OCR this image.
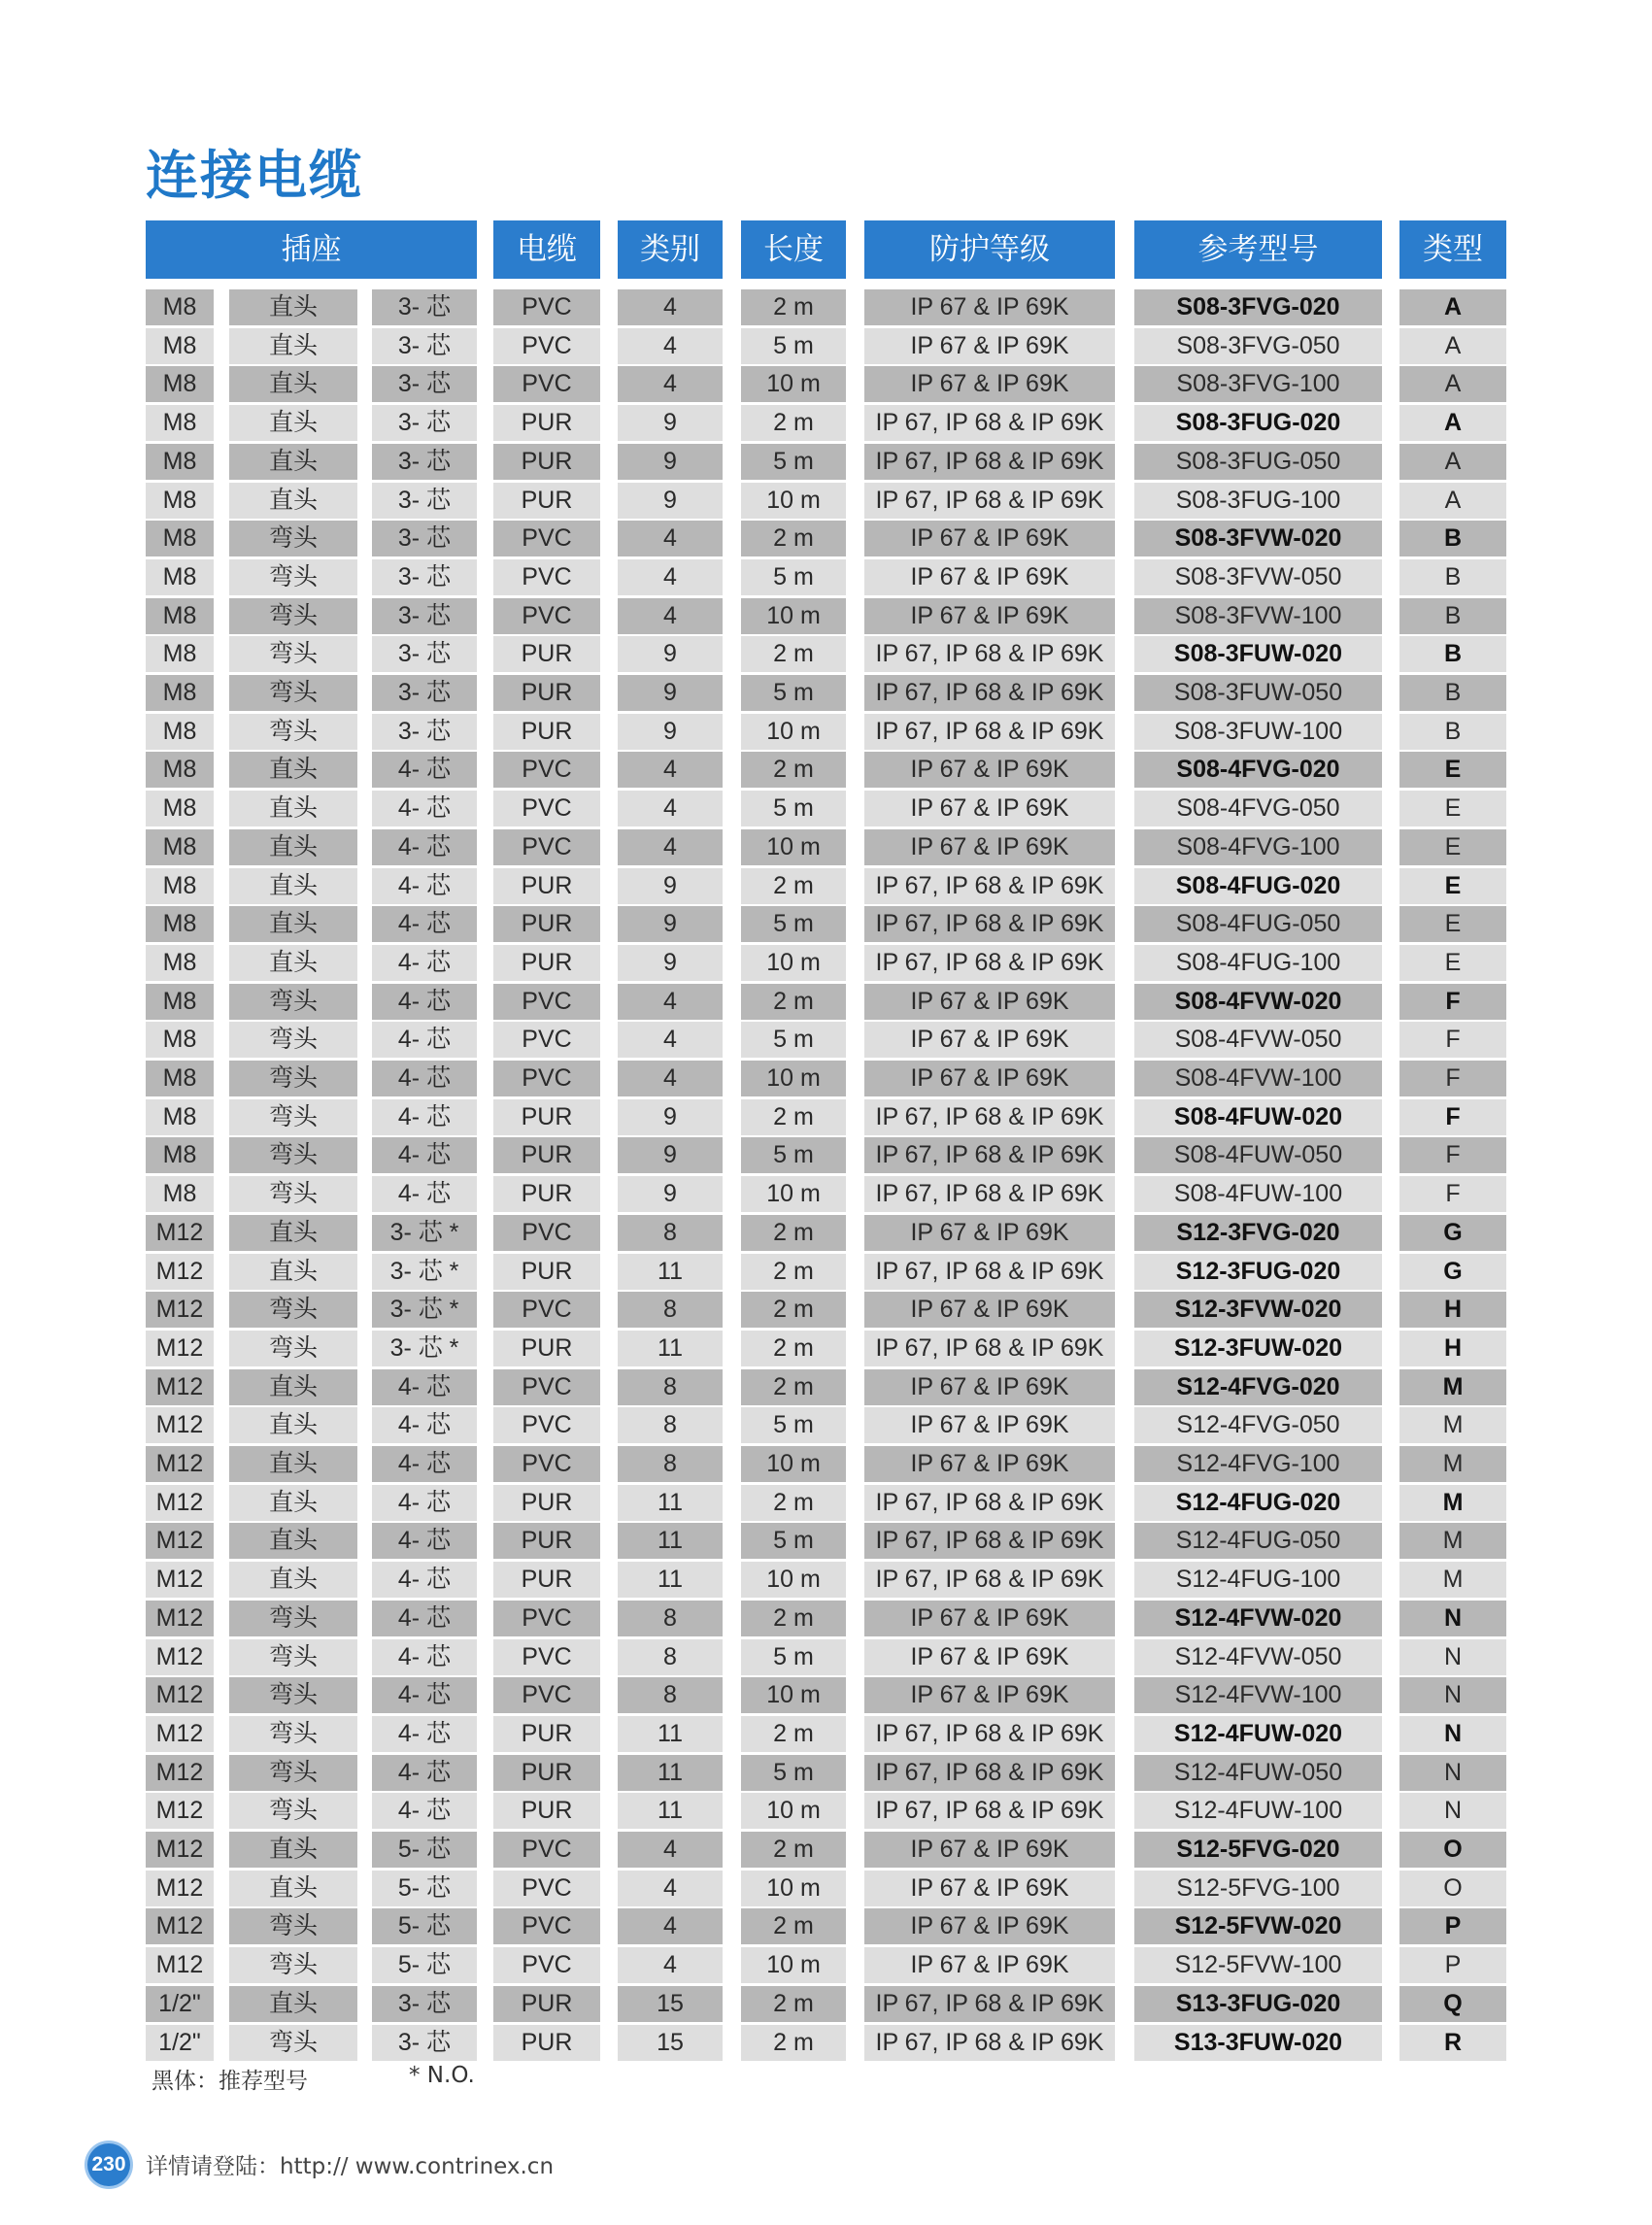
连接电缆
插座	电缆	类别	长度	防护等级	参考型号	类型
M8	直头	3- 芯	PVC	4	2 m	IP 67 & IP 69K	S08-3FVG-020	A
M8	直头	3- 芯	PVC	4	5 m	IP 67 & IP 69K	S08-3FVG-050	A
M8	直头	3- 芯	PVC	4	10 m	IP 67 & IP 69K	S08-3FVG-100	A
M8	直头	3- 芯	PUR	9	2 m	IP 67, IP 68 & IP 69K	S08-3FUG-020	A
M8	直头	3- 芯	PUR	9	5 m	IP 67, IP 68 & IP 69K	S08-3FUG-050	A
M8	直头	3- 芯	PUR	9	10 m	IP 67, IP 68 & IP 69K	S08-3FUG-100	A
M8	弯头	3- 芯	PVC	4	2 m	IP 67 & IP 69K	S08-3FVW-020	B
M8	弯头	3- 芯	PVC	4	5 m	IP 67 & IP 69K	S08-3FVW-050	B
M8	弯头	3- 芯	PVC	4	10 m	IP 67 & IP 69K	S08-3FVW-100	B
M8	弯头	3- 芯	PUR	9	2 m	IP 67, IP 68 & IP 69K	S08-3FUW-020	B
M8	弯头	3- 芯	PUR	9	5 m	IP 67, IP 68 & IP 69K	S08-3FUW-050	B
M8	弯头	3- 芯	PUR	9	10 m	IP 67, IP 68 & IP 69K	S08-3FUW-100	B
M8	直头	4- 芯	PVC	4	2 m	IP 67 & IP 69K	S08-4FVG-020	E
M8	直头	4- 芯	PVC	4	5 m	IP 67 & IP 69K	S08-4FVG-050	E
M8	直头	4- 芯	PVC	4	10 m	IP 67 & IP 69K	S08-4FVG-100	E
M8	直头	4- 芯	PUR	9	2 m	IP 67, IP 68 & IP 69K	S08-4FUG-020	E
M8	直头	4- 芯	PUR	9	5 m	IP 67, IP 68 & IP 69K	S08-4FUG-050	E
M8	直头	4- 芯	PUR	9	10 m	IP 67, IP 68 & IP 69K	S08-4FUG-100	E
M8	弯头	4- 芯	PVC	4	2 m	IP 67 & IP 69K	S08-4FVW-020	F
M8	弯头	4- 芯	PVC	4	5 m	IP 67 & IP 69K	S08-4FVW-050	F
M8	弯头	4- 芯	PVC	4	10 m	IP 67 & IP 69K	S08-4FVW-100	F
M8	弯头	4- 芯	PUR	9	2 m	IP 67, IP 68 & IP 69K	S08-4FUW-020	F
M8	弯头	4- 芯	PUR	9	5 m	IP 67, IP 68 & IP 69K	S08-4FUW-050	F
M8	弯头	4- 芯	PUR	9	10 m	IP 67, IP 68 & IP 69K	S08-4FUW-100	F
M12	直头	3- 芯 *	PVC	8	2 m	IP 67 & IP 69K	S12-3FVG-020	G
M12	直头	3- 芯 *	PUR	11	2 m	IP 67, IP 68 & IP 69K	S12-3FUG-020	G
M12	弯头	3- 芯 *	PVC	8	2 m	IP 67 & IP 69K	S12-3FVW-020	H
M12	弯头	3- 芯 *	PUR	11	2 m	IP 67, IP 68 & IP 69K	S12-3FUW-020	H
M12	直头	4- 芯	PVC	8	2 m	IP 67 & IP 69K	S12-4FVG-020	M
M12	直头	4- 芯	PVC	8	5 m	IP 67 & IP 69K	S12-4FVG-050	M
M12	直头	4- 芯	PVC	8	10 m	IP 67 & IP 69K	S12-4FVG-100	M
M12	直头	4- 芯	PUR	11	2 m	IP 67, IP 68 & IP 69K	S12-4FUG-020	M
M12	直头	4- 芯	PUR	11	5 m	IP 67, IP 68 & IP 69K	S12-4FUG-050	M
M12	直头	4- 芯	PUR	11	10 m	IP 67, IP 68 & IP 69K	S12-4FUG-100	M
M12	弯头	4- 芯	PVC	8	2 m	IP 67 & IP 69K	S12-4FVW-020	N
M12	弯头	4- 芯	PVC	8	5 m	IP 67 & IP 69K	S12-4FVW-050	N
M12	弯头	4- 芯	PVC	8	10 m	IP 67 & IP 69K	S12-4FVW-100	N
M12	弯头	4- 芯	PUR	11	2 m	IP 67, IP 68 & IP 69K	S12-4FUW-020	N
M12	弯头	4- 芯	PUR	11	5 m	IP 67, IP 68 & IP 69K	S12-4FUW-050	N
M12	弯头	4- 芯	PUR	11	10 m	IP 67, IP 68 & IP 69K	S12-4FUW-100	N
M12	直头	5- 芯	PVC	4	2 m	IP 67 & IP 69K	S12-5FVG-020	O
M12	直头	5- 芯	PVC	4	10 m	IP 67 & IP 69K	S12-5FVG-100	O
M12	弯头	5- 芯	PVC	4	2 m	IP 67 & IP 69K	S12-5FVW-020	P
M12	弯头	5- 芯	PVC	4	10 m	IP 67 & IP 69K	S12-5FVW-100	P
1/2"	直头	3- 芯	PUR	15	2 m	IP 67, IP 68 & IP 69K	S13-3FUG-020	Q
1/2"	弯头	3- 芯	PUR	15	2 m	IP 67, IP 68 & IP 69K	S13-3FUW-020	R
黑体：推荐型号	* N.O.
230 详情请登陆：http:// www.contrinex.cn
